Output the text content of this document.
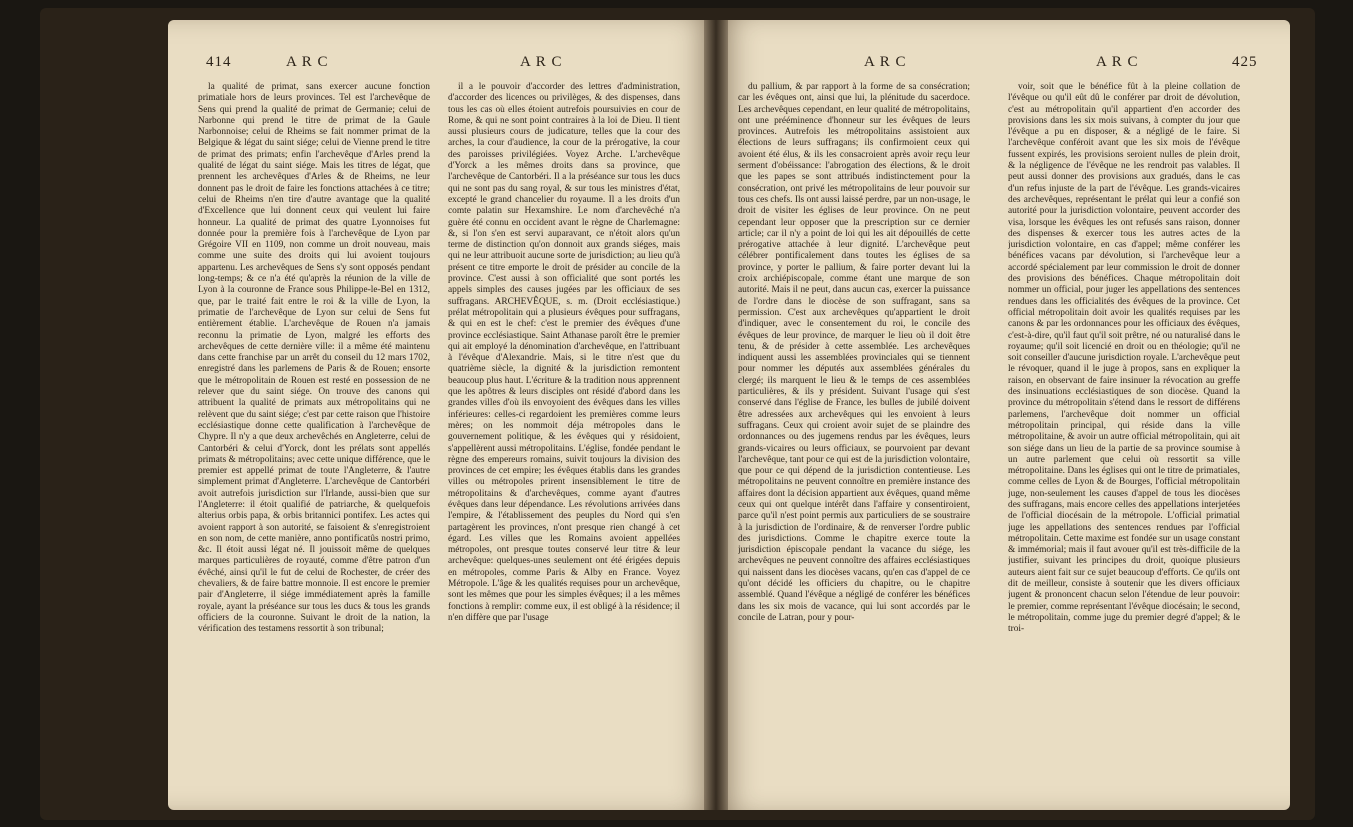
414	A R C	A R C

la qualité de primat, sans exercer aucune fonction primatiale hors de leurs provinces. Tel est l'archevêque de Sens qui prend la qualité de primat de Germanie; celui de Narbonne qui prend le titre de primat de la Gaule Narbonnoise; celui de Rheims se fait nommer primat de la Belgique & légat du saint siége; celui de Vienne prend le titre de primat des primats; enfin l'archevêque d'Arles prend la qualité de légat du saint siége. Mais les titres de légat, que prennent les archevêques d'Arles & de Rheims, ne leur donnent pas le droit de faire les fonctions attachées à ce titre; celui de Rheims n'en tire d'autre avantage que la qualité d'Excellence que lui donnent ceux qui veulent lui faire honneur. La qualité de primat des quatre Lyonnoises fut donnée pour la première fois à l'archevêque de Lyon par Grégoire VII en 1109, non comme un droit nouveau, mais comme une suite des droits qui lui avoient toujours appartenu. Les archevêques de Sens s'y sont opposés pendant long-temps; & ce n'a été qu'après la réunion de la ville de Lyon à la couronne de France sous Philippe-le-Bel en 1312, que, par le traité fait entre le roi & la ville de Lyon, la primatie de l'archevêque de Lyon sur celui de Sens fut entièrement établie. L'archevêque de Rouen n'a jamais reconnu la primatie de Lyon, malgré les efforts des archevêques de cette dernière ville: il a même été maintenu dans cette franchise par un arrêt du conseil du 12 mars 1702, enregistré dans les parlemens de Paris & de Rouen; ensorte que le métropolitain de Rouen est resté en possession de ne relever que du saint siége. On trouve des canons qui attribuent la qualité de primats aux métropolitains qui ne relèvent que du saint siége; c'est par cette raison que l'histoire ecclésiastique donne cette qualification à l'archevêque de Chypre. Il n'y a que deux archevêchés en Angleterre, celui de Cantorbéri & celui d'Yorck, dont les prélats sont appellés primats & métropolitains; avec cette unique différence, que le premier est appellé primat de toute l'Angleterre, & l'autre simplement primat d'Angleterre. L'archevêque de Cantorbéri avoit autrefois jurisdiction sur l'Irlande, aussi-bien que sur l'Angleterre: il étoit qualifié de patriarche, & quelquefois alterius orbis papa, & orbis britannici pontifex. Les actes qui avoient rapport à son autorité, se faisoient & s'enregistroient en son nom, de cette manière, anno pontificatûs nostri primo, &c. Il étoit aussi légat né. Il jouissoit même de quelques marques particulières de royauté, comme d'être patron d'un évêché, ainsi qu'il le fut de celui de Rochester, de créer des chevaliers, & de faire battre monnoie. Il est encore le premier pair d'Angleterre, il siége immédiatement après la famille royale, ayant la préséance sur tous les ducs & tous les grands officiers de la couronne. Suivant le droit de la nation, la vérification des testamens ressortit à son tribunal;

il a le pouvoir d'accorder des lettres d'administration, d'accorder des licences ou privilèges, & des dispenses, dans tous les cas où elles étoient autrefois poursuivies en cour de Rome, & qui ne sont point contraires à la loi de Dieu. Il tient aussi plusieurs cours de judicature, telles que la cour des arches, la cour d'audience, la cour de la prérogative, la cour des paroisses privilégiées. Voyez Arche. L'archevêque d'Yorck a les mêmes droits dans sa province, que l'archevêque de Cantorbéri. Il a la préséance sur tous les ducs qui ne sont pas du sang royal, & sur tous les ministres d'état, excepté le grand chancelier du royaume. Il a les droits d'un comte palatin sur Hexamshire. Le nom d'archevêché n'a guère été connu en occident avant le règne de Charlemagne: &, si l'on s'en est servi auparavant, ce n'étoit alors qu'un terme de distinction qu'on donnoit aux grands siéges, mais qui ne leur attribuoit aucune sorte de jurisdiction; au lieu qu'à présent ce titre emporte le droit de présider au concile de la province. C'est aussi à son officialité que sont portés les appels simples des causes jugées par les officiaux de ses suffragans. ARCHEVÊQUE, s. m. (Droit ecclésiastique.) prélat métropolitain qui a plusieurs évêques pour suffragans, & qui en est le chef: c'est le premier des évêques d'une province ecclésiastique. Saint Athanase paroît être le premier qui ait employé la dénomination d'archevêque, en l'attribuant à l'évêque d'Alexandrie. Mais, si le titre n'est que du quatrième siècle, la dignité & la jurisdiction remontent beaucoup plus haut. L'écriture & la tradition nous apprennent que les apôtres & leurs disciples ont résidé d'abord dans les grandes villes d'où ils envoyoient des évêques dans les villes inférieures: celles-ci regardoient les premières comme leurs mères; on les nommoit déja métropoles dans le gouvernement politique, & les évêques qui y résidoient, s'appellèrent aussi métropolitains. L'église, fondée pendant le règne des empereurs romains, suivit toujours la division des provinces de cet empire; les évêques établis dans les grandes villes ou métropoles prirent insensiblement le titre de métropolitains & d'archevêques, comme ayant d'autres évêques dans leur dépendance. Les révolutions arrivées dans l'empire, & l'établissement des peuples du Nord qui s'en partagèrent les provinces, n'ont presque rien changé à cet égard. Les villes que les Romains avoient appellées métropoles, ont presque toutes conservé leur titre & leur archevêque: quelques-unes seulement ont été érigées depuis en métropoles, comme Paris & Alby en France. Voyez Métropole. L'âge & les qualités requises pour un archevêque, sont les mêmes que pour les simples évêques; il a les mêmes fonctions à remplir: comme eux, il est obligé à la résidence; il n'en diffère que par l'usage

A R C	A R C	425

du pallium, & par rapport à la forme de sa consécration; car les évêques ont, ainsi que lui, la plénitude du sacerdoce. Les archevêques cependant, en leur qualité de métropolitains, ont une prééminence d'honneur sur les évêques de leurs provinces. Autrefois les métropolitains assistoient aux élections de leurs suffragans; ils confirmoient ceux qui avoient été élus, & ils les consacroient après avoir reçu leur serment d'obéissance: l'abrogation des élections, & le droit que les papes se sont attribués indistinctement pour la consécration, ont privé les métropolitains de leur pouvoir sur tous ces chefs. Ils ont aussi laissé perdre, par un non-usage, le droit de visiter les églises de leur province. On ne peut cependant leur opposer que la prescription sur ce dernier article; car il n'y a point de loi qui les ait dépouillés de cette prérogative attachée à leur dignité. L'archevêque peut célébrer pontificalement dans toutes les églises de sa province, y porter le pallium, & faire porter devant lui la croix archiépiscopale, comme étant une marque de son autorité. Mais il ne peut, dans aucun cas, exercer la puissance de l'ordre dans le diocèse de son suffragant, sans sa permission. C'est aux archevêques qu'appartient le droit d'indiquer, avec le consentement du roi, le concile des évêques de leur province, de marquer le lieu où il doit être tenu, & de présider à cette assemblée. Les archevêques indiquent aussi les assemblées provinciales qui se tiennent pour nommer les députés aux assemblées générales du clergé; ils marquent le lieu & le temps de ces assemblées particulières, & ils y président. Suivant l'usage qui s'est conservé dans l'église de France, les bulles de jubilé doivent être adressées aux archevêques qui les envoient à leurs suffragans. Ceux qui croient avoir sujet de se plaindre des ordonnances ou des jugemens rendus par les évêques, leurs grands-vicaires ou leurs officiaux, se pourvoient par devant l'archevêque, tant pour ce qui est de la jurisdiction volontaire, que pour ce qui dépend de la jurisdiction contentieuse. Les métropolitains ne peuvent connoître en première instance des affaires dont la décision appartient aux évêques, quand même ceux qui ont quelque intérêt dans l'affaire y consentiroient, parce qu'il n'est point permis aux particuliers de se soustraire à la jurisdiction de l'ordinaire, & de renverser l'ordre public des jurisdictions. Comme le chapitre exerce toute la jurisdiction épiscopale pendant la vacance du siége, les archevêques ne peuvent connoître des affaires ecclésiastiques qui naissent dans les diocèses vacans, qu'en cas d'appel de ce qu'ont décidé les officiers du chapitre, ou le chapitre assemblé. Quand l'évêque a négligé de conférer les bénéfices dans les six mois de vacance, qui lui sont accordés par le concile de Latran, pour y pour-

voir, soit que le bénéfice fût à la pleine collation de l'évêque ou qu'il eût dû le conférer par droit de dévolution, c'est au métropolitain qu'il appartient d'en accorder des provisions dans les six mois suivans, à compter du jour que l'évêque a pu en disposer, & a négligé de le faire. Si l'archevêque conféroit avant que les six mois de l'évêque fussent expirés, les provisions seroient nulles de plein droit, & la négligence de l'évêque ne les rendroit pas valables. Il peut aussi donner des provisions aux gradués, dans le cas d'un refus injuste de la part de l'évêque. Les grands-vicaires des archevêques, représentant le prélat qui leur a confié son autorité pour la jurisdiction volontaire, peuvent accorder des visa, lorsque les évêques les ont refusés sans raison, donner des dispenses & exercer tous les autres actes de la jurisdiction volontaire, en cas d'appel; même conférer les bénéfices vacans par dévolution, si l'archevêque leur a accordé spécialement par leur commission le droit de donner des provisions des bénéfices. Chaque métropolitain doit nommer un official, pour juger les appellations des sentences rendues dans les officialités des évêques de la province. Cet official métropolitain doit avoir les qualités requises par les canons & par les ordonnances pour les officiaux des évêques, c'est-à-dire, qu'il faut qu'il soit prêtre, né ou naturalisé dans le royaume; qu'il soit licencié en droit ou en théologie; qu'il ne soit conseiller d'aucune jurisdiction royale. L'archevêque peut le révoquer, quand il le juge à propos, sans en expliquer la raison, en observant de faire insinuer la révocation au greffe des insinuations ecclésiastiques de son diocèse. Quand la province du métropolitain s'étend dans le ressort de différens parlemens, l'archevêque doit nommer un official métropolitain principal, qui réside dans la ville métropolitaine, & avoir un autre official métropolitain, qui ait son siége dans un lieu de la partie de sa province soumise à un autre parlement que celui où ressortit sa ville métropolitaine. Dans les églises qui ont le titre de primatiales, comme celles de Lyon & de Bourges, l'official métropolitain juge, non-seulement les causes d'appel de tous les diocèses des suffragans, mais encore celles des appellations interjetées de l'official diocésain de la métropole. L'official primatial juge les appellations des sentences rendues par l'official métropolitain. Cette maxime est fondée sur un usage constant & immémorial; mais il faut avouer qu'il est très-difficile de la justifier, suivant les principes du droit, quoique plusieurs auteurs aient fait sur ce sujet beaucoup d'efforts. Ce qu'ils ont dit de meilleur, consiste à soutenir que les divers officiaux jugent & prononcent chacun selon l'étendue de leur pouvoir: le premier, comme représentant l'évêque diocésain; le second, le métropolitain, comme juge du premier degré d'appel; & le troi-
